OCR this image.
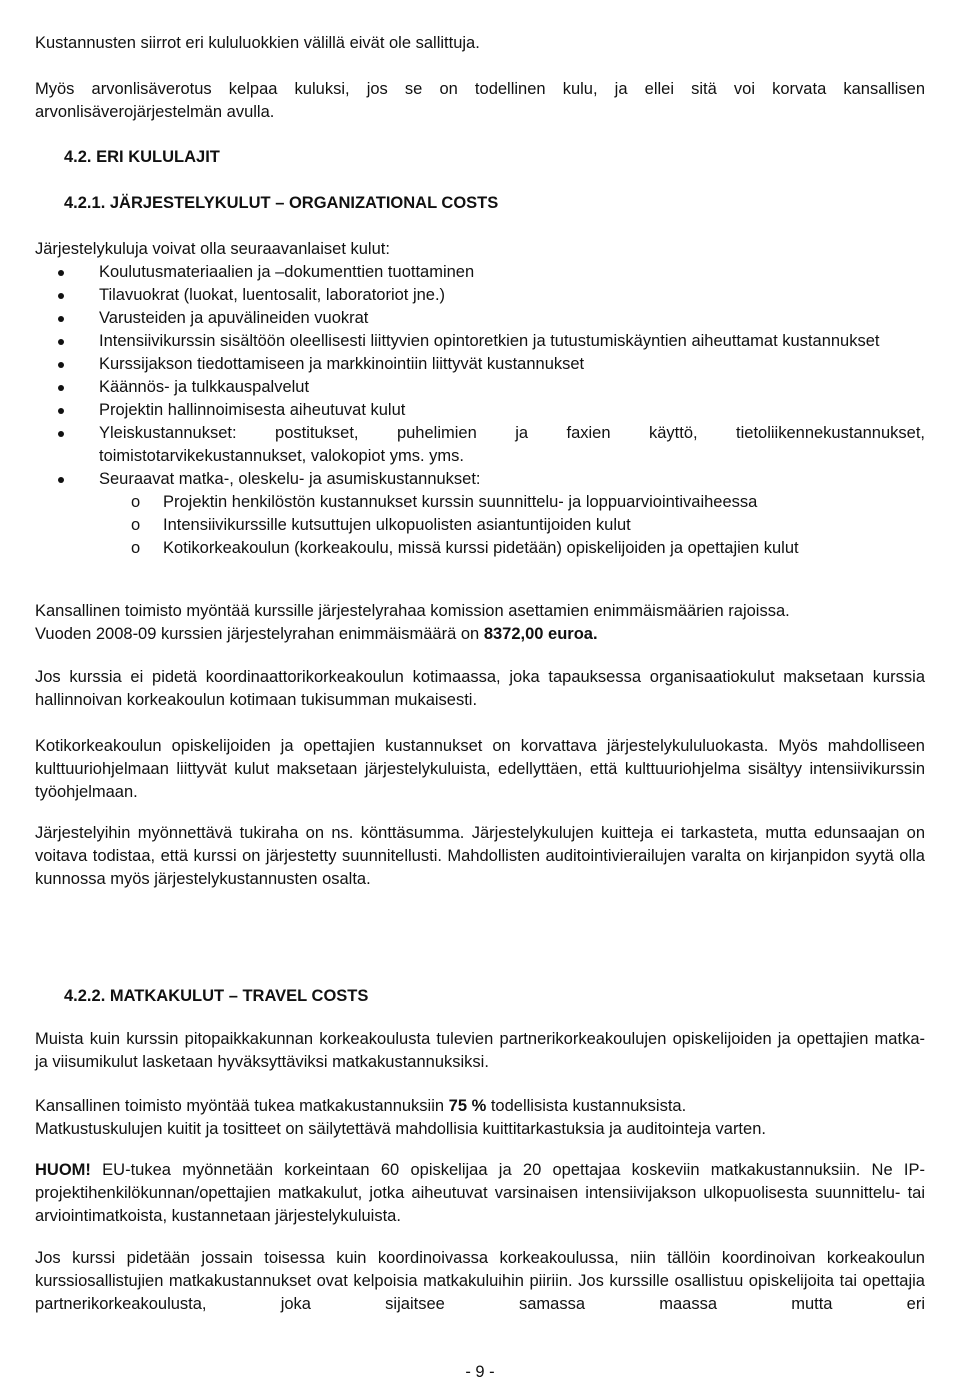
Kustannusten siirrot eri kululuokkien välillä eivät ole sallittuja.

Myös arvonlisäverotus kelpaa kuluksi, jos se on todellinen kulu, ja ellei sitä voi korvata kansallisen arvonlisäverojärjestelmän avulla.

4.2. ERI KULULAJIT

4.2.1. JÄRJESTELYKULUT – ORGANIZATIONAL COSTS

Järjestelykuluja voivat olla seuraavanlaiset kulut:

Koulutusmateriaalien ja –dokumenttien tuottaminen
Tilavuokrat (luokat, luentosalit, laboratoriot jne.)
Varusteiden ja apuvälineiden vuokrat
Intensiivikurssin sisältöön oleellisesti liittyvien opintoretkien ja tutustumiskäyntien aiheuttamat kustannukset
Kurssijakson tiedottamiseen ja markkinointiin liittyvät kustannukset
Käännös- ja tulkkauspalvelut
Projektin hallinnoimisesta aiheutuvat kulut
Yleiskustannukset: postitukset, puhelimien ja faxien käyttö, tietoliikennekustannukset, toimistotarvikekustannukset, valokopiot yms. yms.
Seuraavat matka-, oleskelu- ja asumiskustannukset:
o Projektin henkilöstön kustannukset kurssin suunnittelu- ja loppuarviointivaiheessa
o Intensiivikurssille kutsuttujen ulkopuolisten asiantuntijoiden kulut
o Kotikorkeakoulun (korkeakoulu, missä kurssi pidetään) opiskelijoiden ja opettajien kulut
Kansallinen toimisto myöntää kurssille järjestelyrahaa komission asettamien enimmäismäärien rajoissa.
Vuoden 2008-09 kurssien järjestelyrahan enimmäismäärä on 8372,00 euroa.

Jos kurssia ei pidetä koordinaattorikorkeakoulun kotimaassa, joka tapauksessa organisaatiokulut maksetaan kurssia hallinnoivan korkeakoulun kotimaan tukisumman mukaisesti.

Kotikorkeakoulun opiskelijoiden ja opettajien kustannukset on korvattava järjestelykululuokasta. Myös mahdolliseen kulttuuriohjelmaan liittyvät kulut maksetaan järjestelykuluista, edellyttäen, että kulttuuriohjelma sisältyy intensiivikurssin työohjelmaan.

Järjestelyihin myönnettävä tukiraha on ns. könttäsumma. Järjestelykulujen kuitteja ei tarkasteta, mutta edunsaajan on voitava todistaa, että kurssi on järjestetty suunnitellusti. Mahdollisten auditointivierailujen varalta on kirjanpidon syytä olla kunnossa myös järjestelykustannusten osalta.

4.2.2. MATKAKULUT – TRAVEL COSTS

Muista kuin kurssin pitopaikkakunnan korkeakoulusta tulevien partnerikorkeakoulujen opiskelijoiden ja opettajien matka- ja viisumikulut lasketaan hyväksyttäviksi matkakustannuksiksi.

Kansallinen toimisto myöntää tukea matkakustannuksiin 75 % todellisista kustannuksista.
Matkustuskulujen kuitit ja tositteet on säilytettävä mahdollisia kuittitarkastuksia ja auditointeja varten.

HUOM! EU-tukea myönnetään korkeintaan 60 opiskelijaa ja 20 opettajaa koskeviin matkakustannuksiin. Ne IP-projektihenkilökunnan/opettajien matkakulut, jotka aiheutuvat varsinaisen intensiivijakson ulkopuolisesta suunnittelu- tai arviointimatkoista, kustannetaan järjestelykuluista.

Jos kurssi pidetään jossain toisessa kuin koordinoivassa korkeakoulussa, niin tällöin koordinoivan korkeakoulun kurssiosallistujien matkakustannukset ovat kelpoisia matkakuluihin piiriin. Jos kurssille osallistuu opiskelijoita tai opettajia partnerikorkeakoulusta, joka sijaitsee samassa maassa mutta eri

- 9 -
